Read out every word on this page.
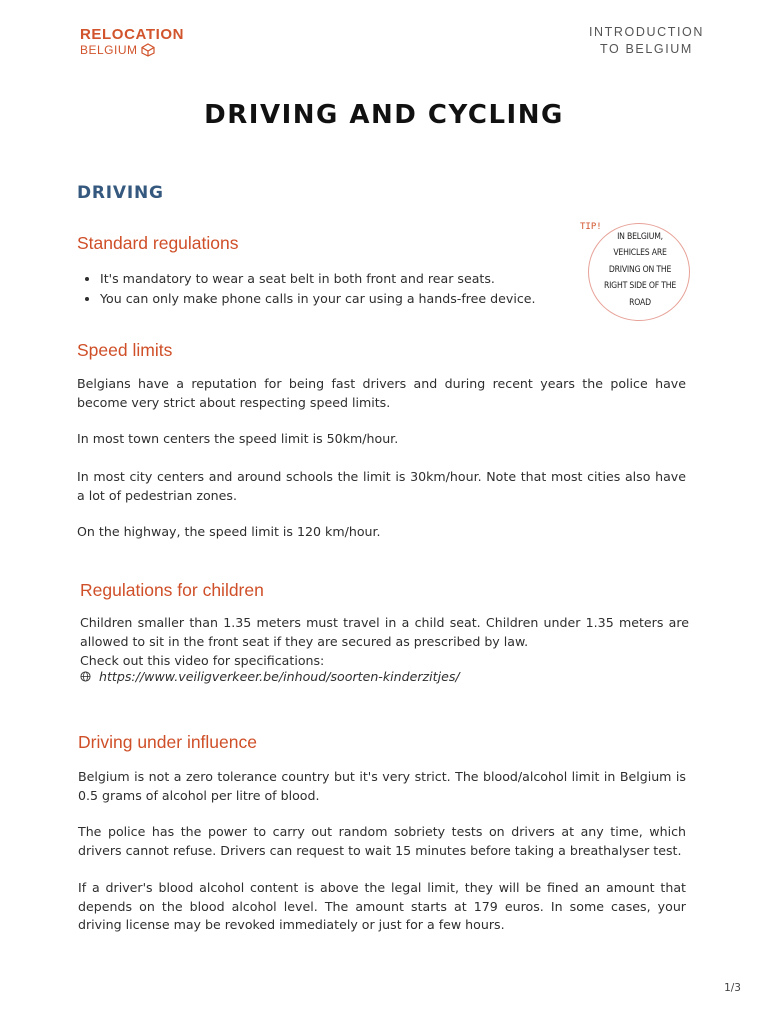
RELOCATION
BELGIUM
INTRODUCTION
TO BELGIUM
DRIVING AND CYCLING
DRIVING
TIP!
IN BELGIUM, VEHICLES ARE DRIVING ON THE RIGHT SIDE OF THE ROAD
Standard regulations
• It's mandatory to wear a seat belt in both front and rear seats.
• You can only make phone calls in your car using a hands-free device.
Speed limits
Belgians have a reputation for being fast drivers and during recent years the police have become very strict about respecting speed limits.
In most town centers the speed limit is 50km/hour.
In most city centers and around schools the limit is 30km/hour. Note that most cities also have a lot of pedestrian zones.
On the highway, the speed limit is 120 km/hour.
Regulations for children
Children smaller than 1.35 meters must travel in a child seat. Children under 1.35 meters are allowed to sit in the front seat if they are secured as prescribed by law.
Check out this video for specifications:
https://www.veiligverkeer.be/inhoud/soorten-kinderzitjes/
Driving under influence
Belgium is not a zero tolerance country but it's very strict. The blood/alcohol limit in Belgium is 0.5 grams of alcohol per litre of blood.
The police has the power to carry out random sobriety tests on drivers at any time, which drivers cannot refuse. Drivers can request to wait 15 minutes before taking a breathalyser test.
If a driver's blood alcohol content is above the legal limit, they will be fined an amount that depends on the blood alcohol level. The amount starts at 179 euros. In some cases, your driving license may be revoked immediately or just for a few hours.
1/3
